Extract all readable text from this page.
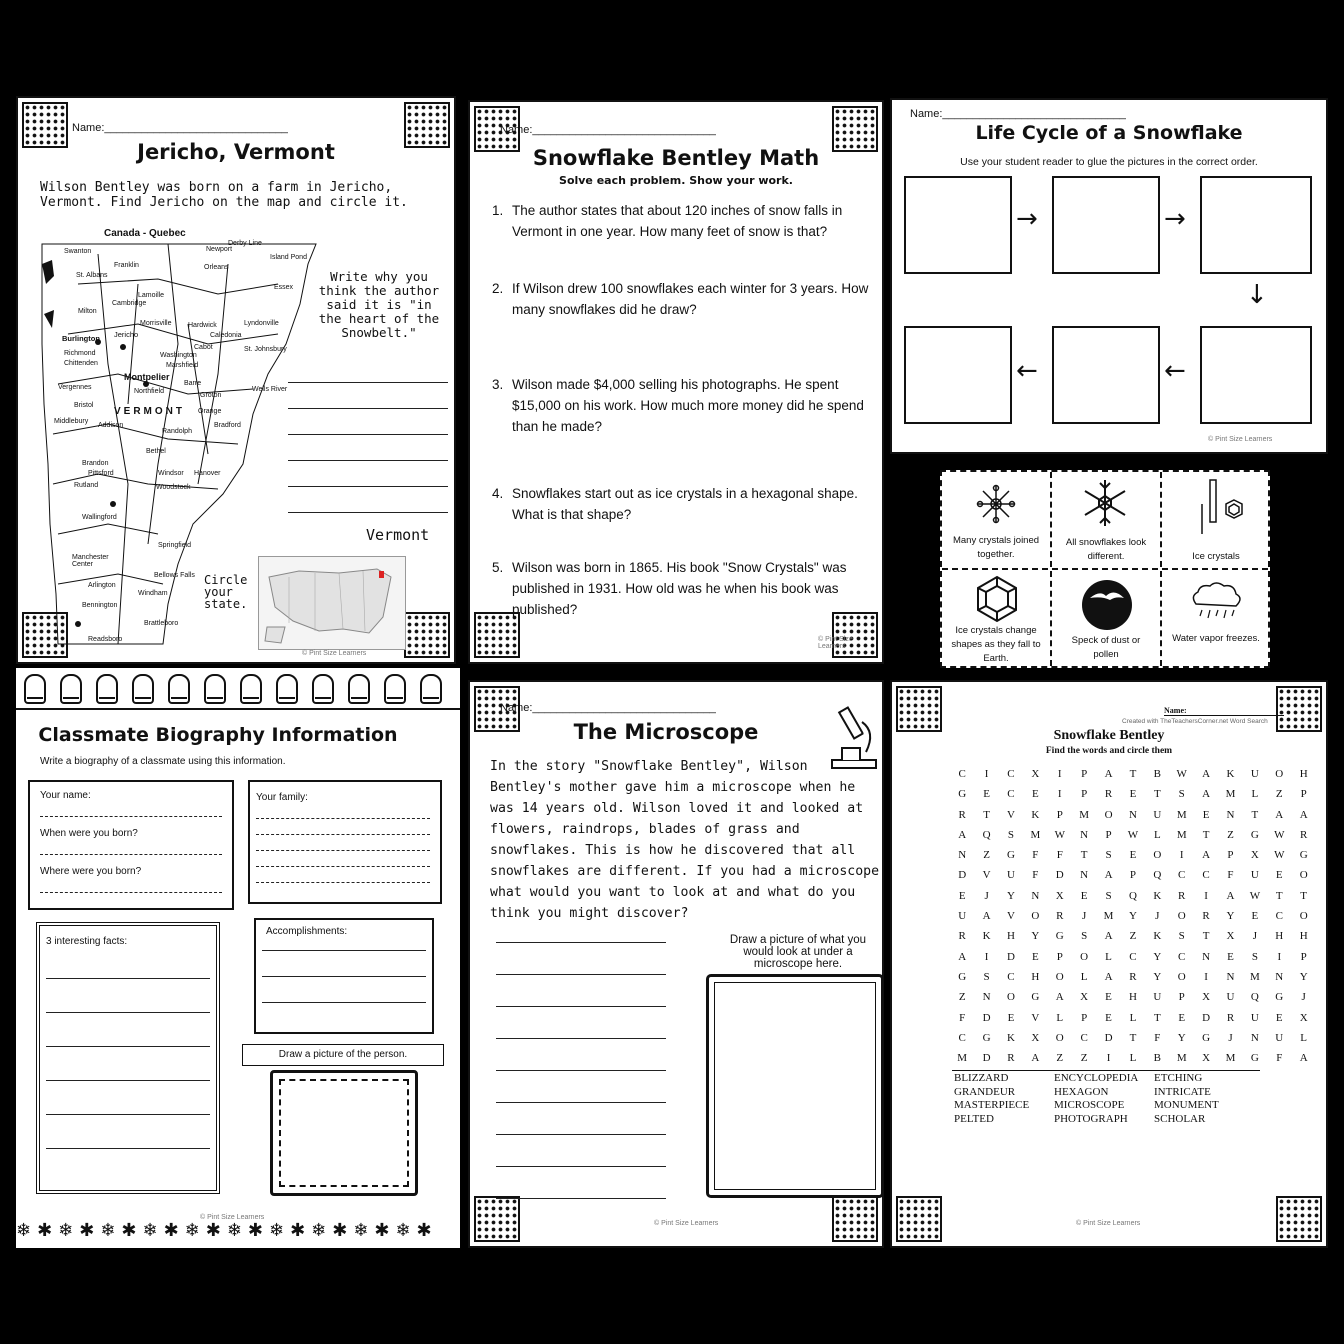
Name:______________________________
Jericho, Vermont
Wilson Bentley was born on a farm in Jericho, Vermont. Find Jericho on the map and circle it.
Canada - Quebec
VERMONT
Burlington Jericho
Montpelier
Swanton
St. Albans
Franklin
Newport
Orleans
Derby Line
Island Pond
Essex
Lamoille
Cambridge
Milton
Morrisville Hardwick
Caledonia
Lyndonville
Cabot	St. Johnsbury
Richmond
Chittenden
Washington
Marshfield
Northfield
Barre
Vergennes
Bristol
Groton
Wells River
Middlebury
Addison
Orange
Randolph
Bradford
Bethel
Brandon
Pittsford	Windsor Hanover
Rutland	Woodstock
Wallingford
Springfield
Manchester Center
Bellows Falls
Arlington
Windham
Bennington
Brattleboro
Readsboro
Write why you think the author said it is "in the heart of the Snowbelt."
Vermont
Circle your state.
© Pint Size Learners
Name:______________________________
Snowflake Bentley Math
Solve each problem. Show your work.
1. The author states that about 120 inches of snow falls in Vermont in one year. How many feet of snow is that?
2. If Wilson drew 100 snowflakes each winter for 3 years. How many snowflakes did he draw?
3. Wilson made $4,000 selling his photographs. He spent $15,000 on his work. How much more money did he spend than he made?
4. Snowflakes start out as ice crystals in a hexagonal shape. What is that shape?
5. Wilson was born in 1865. His book "Snow Crystals" was published in 1931. How old was he when his book was published?
© Pint Size Learners
Name:______________________________
Life Cycle of a Snowflake
Use your student reader to glue the pictures in the correct order.
→	→
↓
←
←
© Pint Size Learners
Many crystals joined together.
All snowflakes look different.	Ice crystals
Ice crystals change shapes as they fall to Earth.
Speck of dust or pollen
Water vapor freezes.
Classmate Biography Information
Write a biography of a classmate using this information.
Your name:
When were you born?
Where were you born?
Your family:
3 interesting facts:
Accomplishments:
Draw a picture of the person.
❄✱❄✱❄✱❄✱❄✱❄✱❄✱❄✱❄✱❄✱
© Pint Size Learners
Name:______________________________
The Microscope
In the story "Snowflake Bentley", Wilson Bentley's mother gave him a microscope when he was 14 years old. Wilson loved it and looked at flowers, raindrops, blades of grass and snowflakes. This is how he discovered that all snowflakes are different. If you had a microscope what would you want to look at and what do you think you might discover?
Draw a picture of what you would look at under a microscope here.
© Pint Size Learners
Name:
Created with TheTeachersCorner.net Word Search
Snowflake Bentley
Find the words and circle them
C	I	C	X	I	P	A	T	B	W	A	K	U	O	H
G	E	C	E	I	P	R	E	T	S	A	M	L	Z	P
R	T	V	K	P	M	O	N	U	M	E	N	T	A	A
A	Q	S	M	W	N	P	W	L	M	T	Z	G	W	R
N	Z	G	F	F	T	S	E	O	I	A	P	X	W	G
D	V	U	F	D	N	A	P	Q	C	C	F	U	E	O
E	J	Y	N	X	E	S	Q	K	R	I	A	W	T	T
U	A	V	O	R	J	M	Y	J	O	R	Y	E	C	O
R	K	H	Y	G	S	A	Z	K	S	T	X	J	H	H
A	I	D	E	P	O	L	C	Y	C	N	E	S	I	P
G	S	C	H	O	L	A	R	Y	O	I	N	M	N	Y
Z	N	O	G	A	X	E	H	U	P	X	U	Q	G	J
F	D	E	V	L	P	E	L	T	E	D	R	U	E	X
C	G	K	X	O	C	D	T	F	Y	G	J	N	U	L
M	D	R	A	Z	Z	I	L	B	M	X	M	G	F	A
BLIZZARD	ENCYCLOPEDIA	ETCHING
GRANDEUR	HEXAGON	INTRICATE
MASTERPIECE	MICROSCOPE	MONUMENT
PELTED	PHOTOGRAPH	SCHOLAR
© Pint Size Learners
